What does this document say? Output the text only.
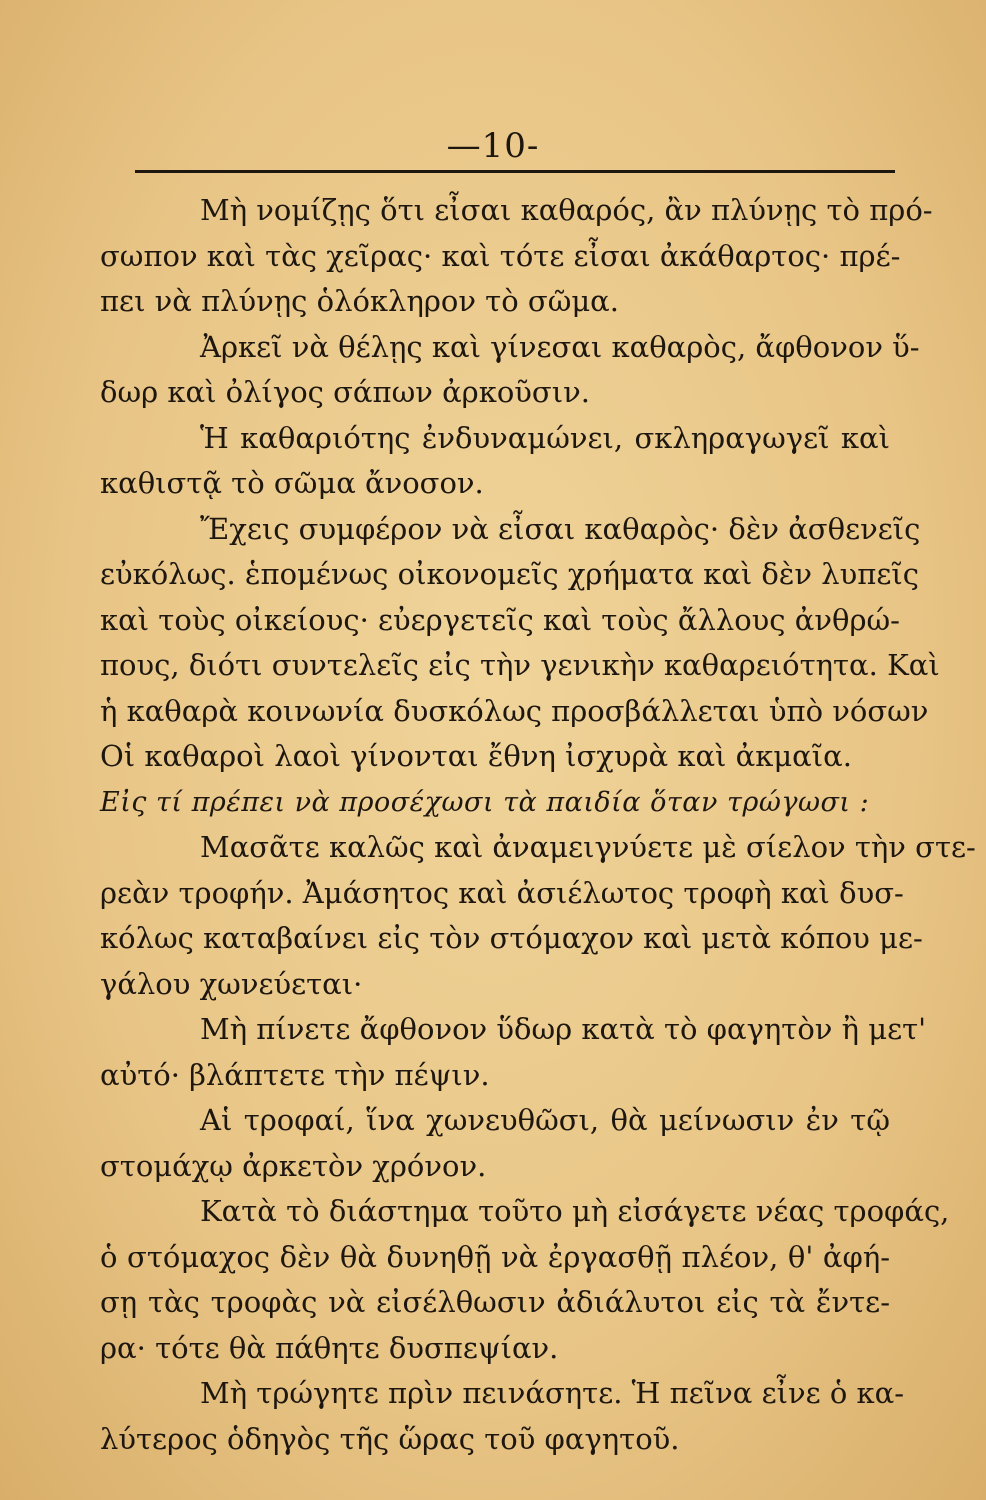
—10-
Μὴ νομίζῃς ὅτι εἶσαι καθαρός, ἂν πλύνῃς τὸ πρό-
σωπον καὶ τὰς χεῖρας· καὶ τότε εἶσαι ἀκάθαρτος· πρέ-
πει νὰ πλύνῃς ὁλόκληρον τὸ σῶμα.
Ἀρκεῖ νὰ θέλῃς καὶ γίνεσαι καθαρὸς, ἄφθονον ὕ-
δωρ καὶ ὀλίγος σάπων ἀρκοῦσιν.
Ἡ καθαριότης ἐνδυναμώνει, σκληραγωγεῖ καὶ
καθιστᾷ τὸ σῶμα ἄνοσον.
Ἔχεις συμφέρον νὰ εἶσαι καθαρὸς· δὲν ἀσθενεῖς
εὐκόλως. ἑπομένως οἰκονομεῖς χρήματα καὶ δὲν λυπεῖς
καὶ τοὺς οἰκείους· εὐεργετεῖς καὶ τοὺς ἄλλους ἀνθρώ-
πους, διότι συντελεῖς εἰς τὴν γενικὴν καθαρειότητα. Καὶ
ἡ καθαρὰ κοινωνία δυσκόλως προσβάλλεται ὑπὸ νόσων
Οἱ καθαροὶ λαοὶ γίνονται ἔθνη ἰσχυρὰ καὶ ἀκμαῖα.
Εἰς τί πρέπει νὰ προσέχωσι τὰ παιδία ὅταν τρώγωσι :
Μασᾶτε καλῶς καὶ ἀναμειγνύετε μὲ σίελον τὴν στε-
ρεὰν τροφήν. Ἀμάσητος καὶ ἀσιέλωτος τροφὴ καὶ δυσ-
κόλως καταβαίνει εἰς τὸν στόμαχον καὶ μετὰ κόπου με-
γάλου χωνεύεται·
Μὴ πίνετε ἄφθονον ὕδωρ κατὰ τὸ φαγητὸν ἢ μετ'
αὐτό· βλάπτετε τὴν πέψιν.
Αἱ τροφαί, ἵνα χωνευθῶσι, θὰ μείνωσιν ἐν τῷ
στομάχῳ ἀρκετὸν χρόνον.
Κατὰ τὸ διάστημα τοῦτο μὴ εἰσάγετε νέας τροφάς,
ὁ στόμαχος δὲν θὰ δυνηθῇ νὰ ἐργασθῇ πλέον, θ' ἀφή-
σῃ τὰς τροφὰς νὰ εἰσέλθωσιν ἀδιάλυτοι εἰς τὰ ἔντε-
ρα· τότε θὰ πάθητε δυσπεψίαν.
Μὴ τρώγητε πρὶν πεινάσητε. Ἡ πεῖνα εἶνε ὁ κα-
λύτερος ὁδηγὸς τῆς ὥρας τοῦ φαγητοῦ.
